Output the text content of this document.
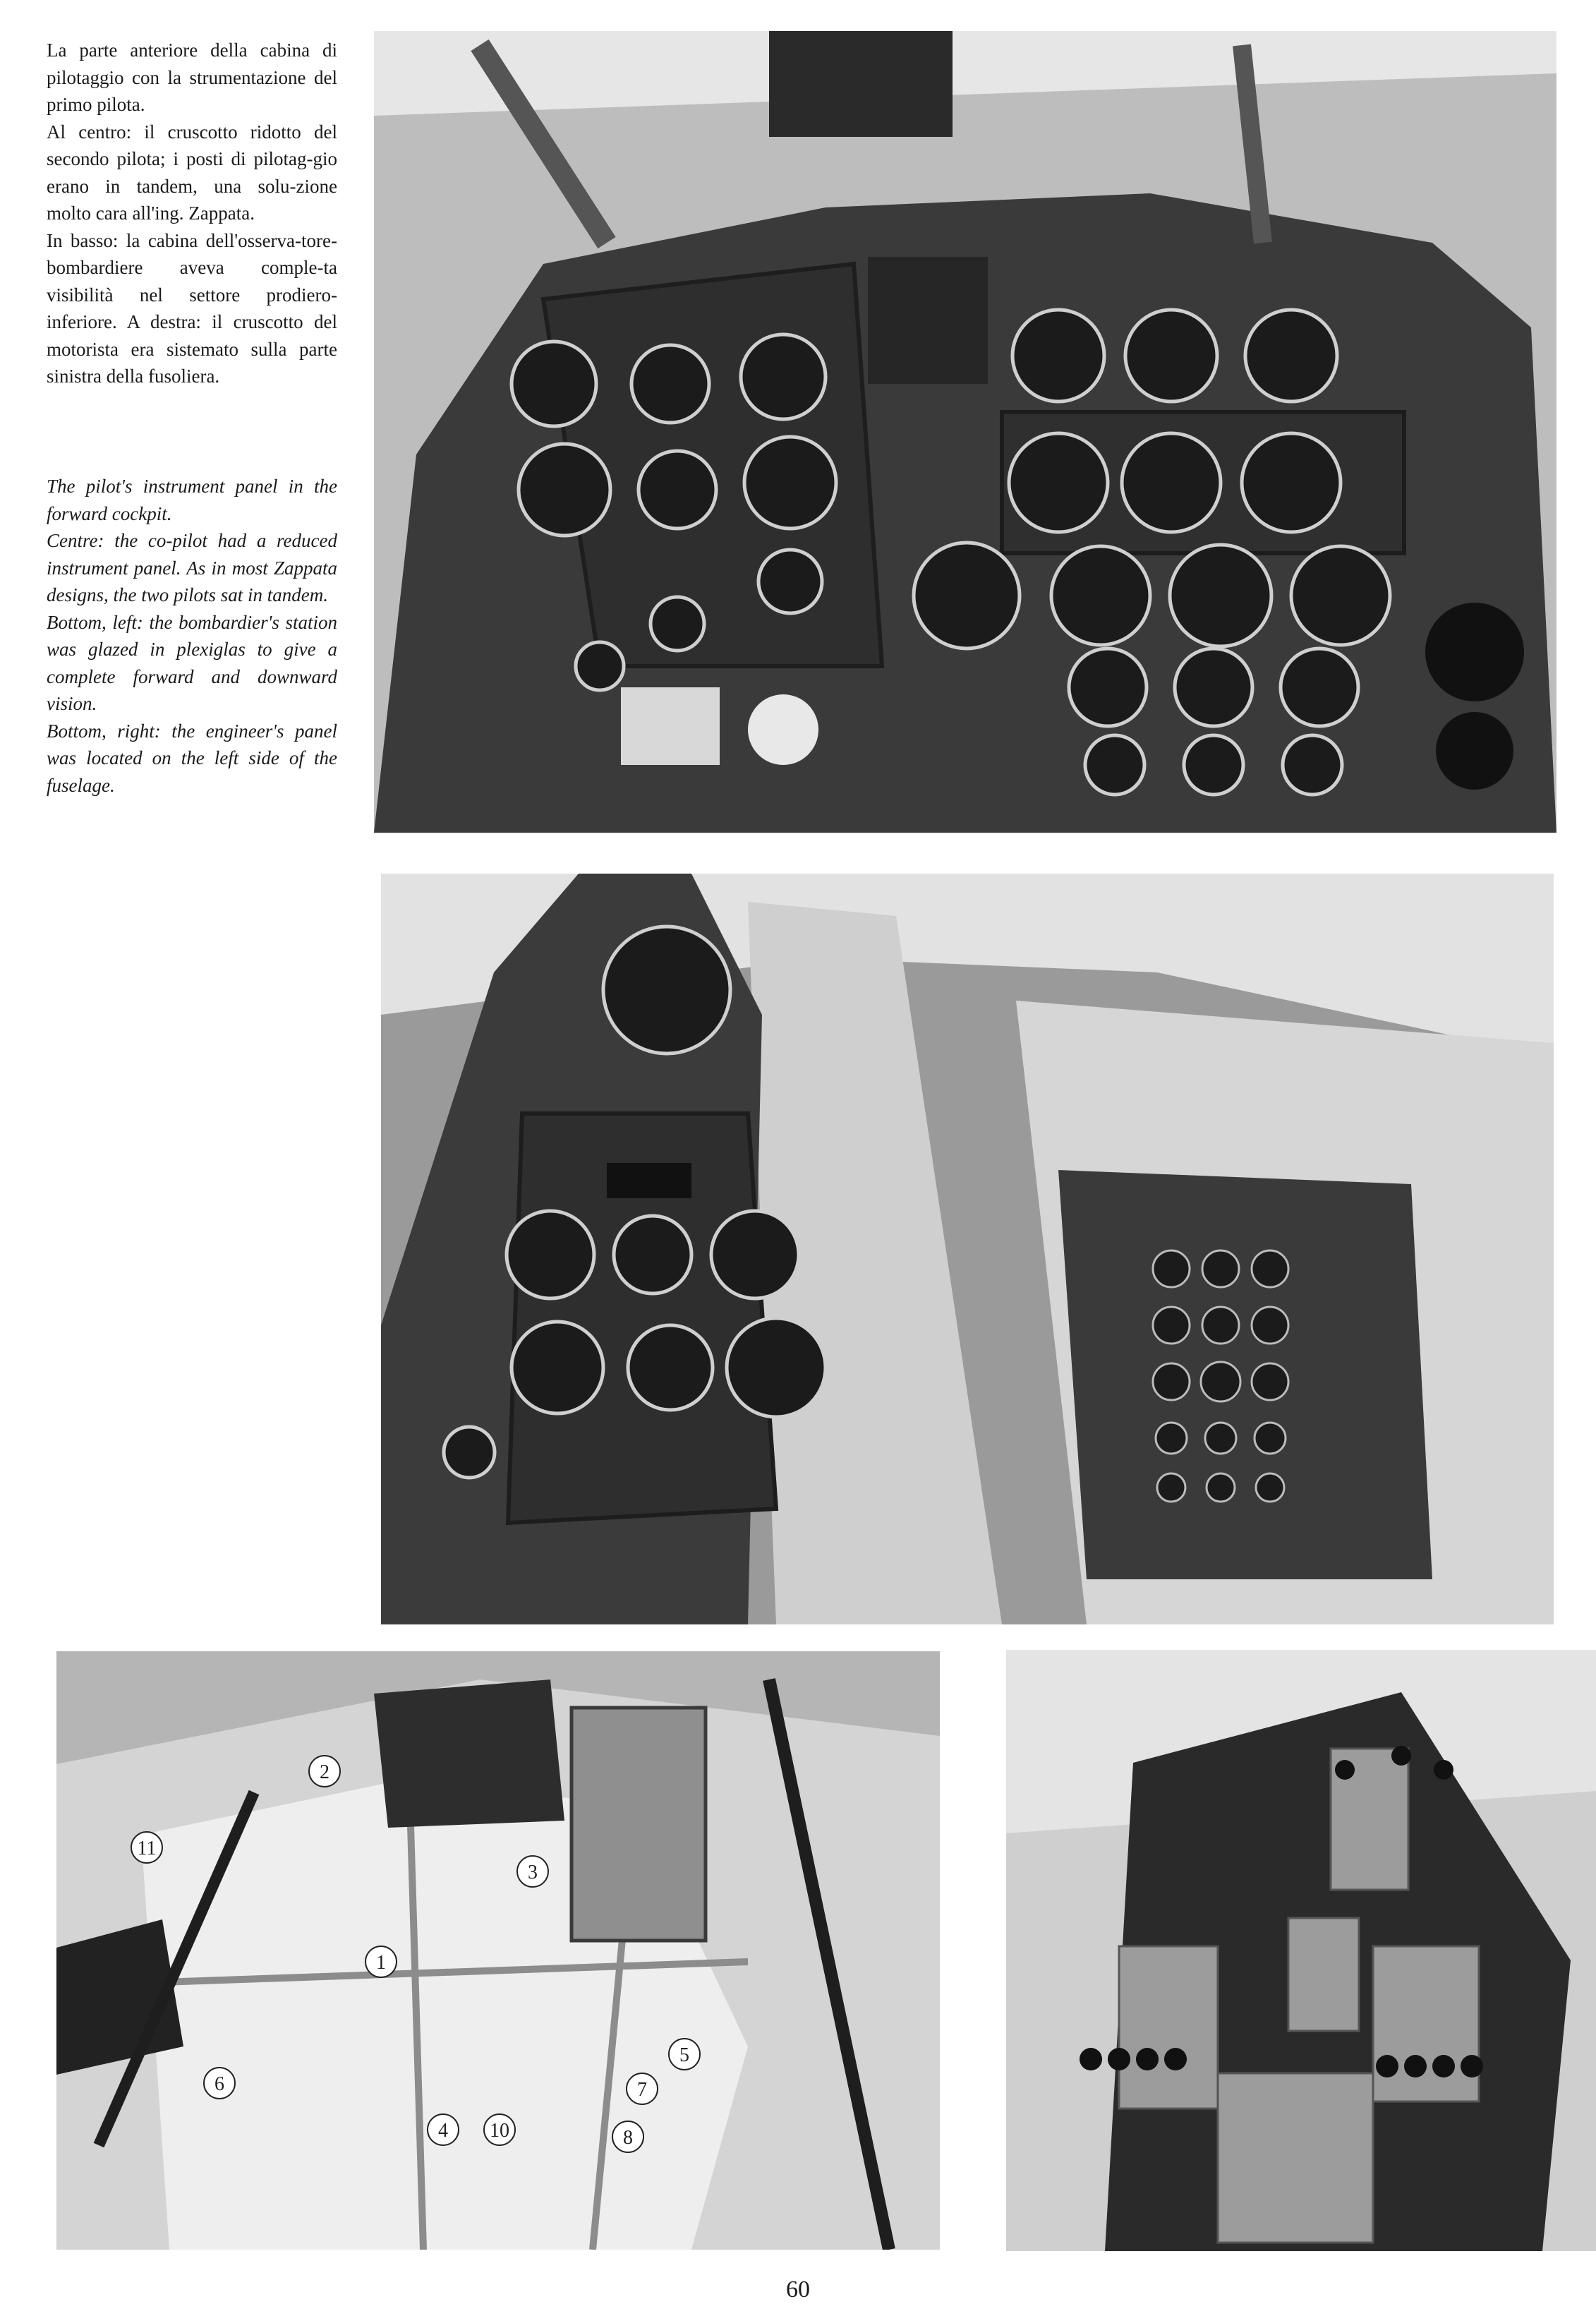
La parte anteriore della cabina di pilotaggio con la strumentazione del primo pilota.

Al centro: il cruscotto ridotto del secondo pilota; i posti di pilotag-gio erano in tandem, una solu-zione molto cara all'ing. Zappata.

In basso: la cabina dell'osserva-tore-bombardiere aveva comple-ta visibilità nel settore prodiero-inferiore. A destra: il cruscotto del motorista era sistemato sulla parte sinistra della fusoliera.

The pilot's instrument panel in the forward cockpit.

Centre: the co-pilot had a reduced instrument panel. As in most Zappata designs, the two pilots sat in tandem.

Bottom, left: the bombardier's station was glazed in plexiglas to give a complete forward and downward vision.

Bottom, right: the engineer's panel was located on the left side of the fuselage.

1
2
3
4
5
6	7
8
10
11
60
